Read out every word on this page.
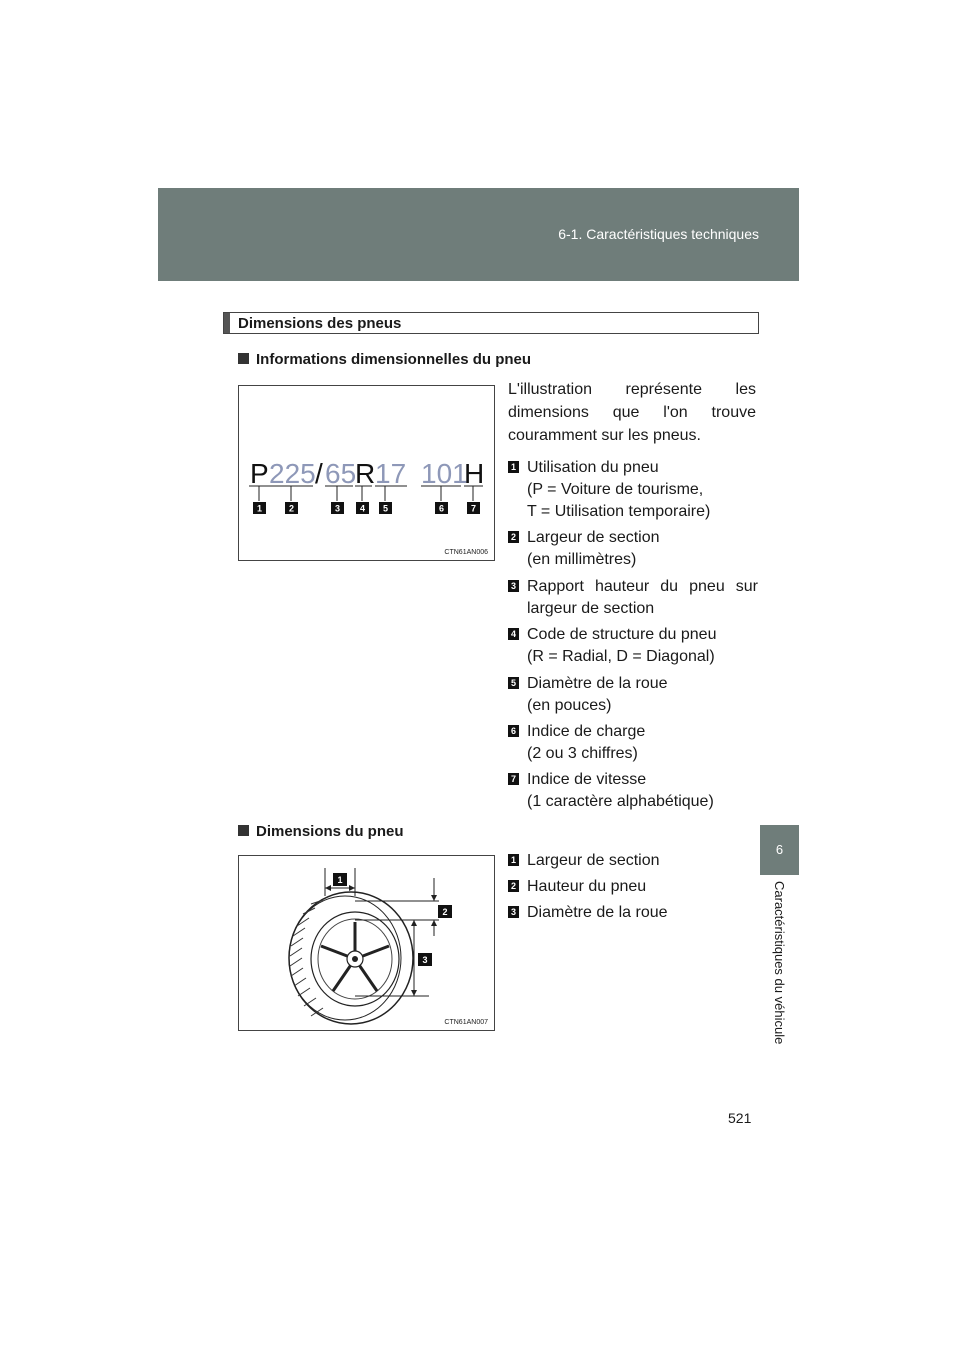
6-1. Caractéristiques techniques
6
Caractéristiques du véhicule
Dimensions des pneus
Informations dimensionnelles du pneu
P 225 / 65
R 17 101
H
1	2	3 4 5	6	7
CTN61AN006
L'illustration représente les dimensions que l'on trouve couramment sur les pneus.
1 Utilisation du pneu
(P = Voiture de tourisme,
T = Utilisation temporaire)
2 Largeur de section
(en millimètres)
3 Rapport hauteur du pneu sur largeur de section
4 Code de structure du pneu
(R = Radial, D = Diagonal)
5 Diamètre de la roue
(en pouces)
6 Indice de charge
(2 ou 3 chiffres)
7 Indice de vitesse
(1 caractère alphabétique)
Dimensions du pneu
1
2
3
CTN61AN007
1 Largeur de section
2 Hauteur du pneu
3 Diamètre de la roue
521
